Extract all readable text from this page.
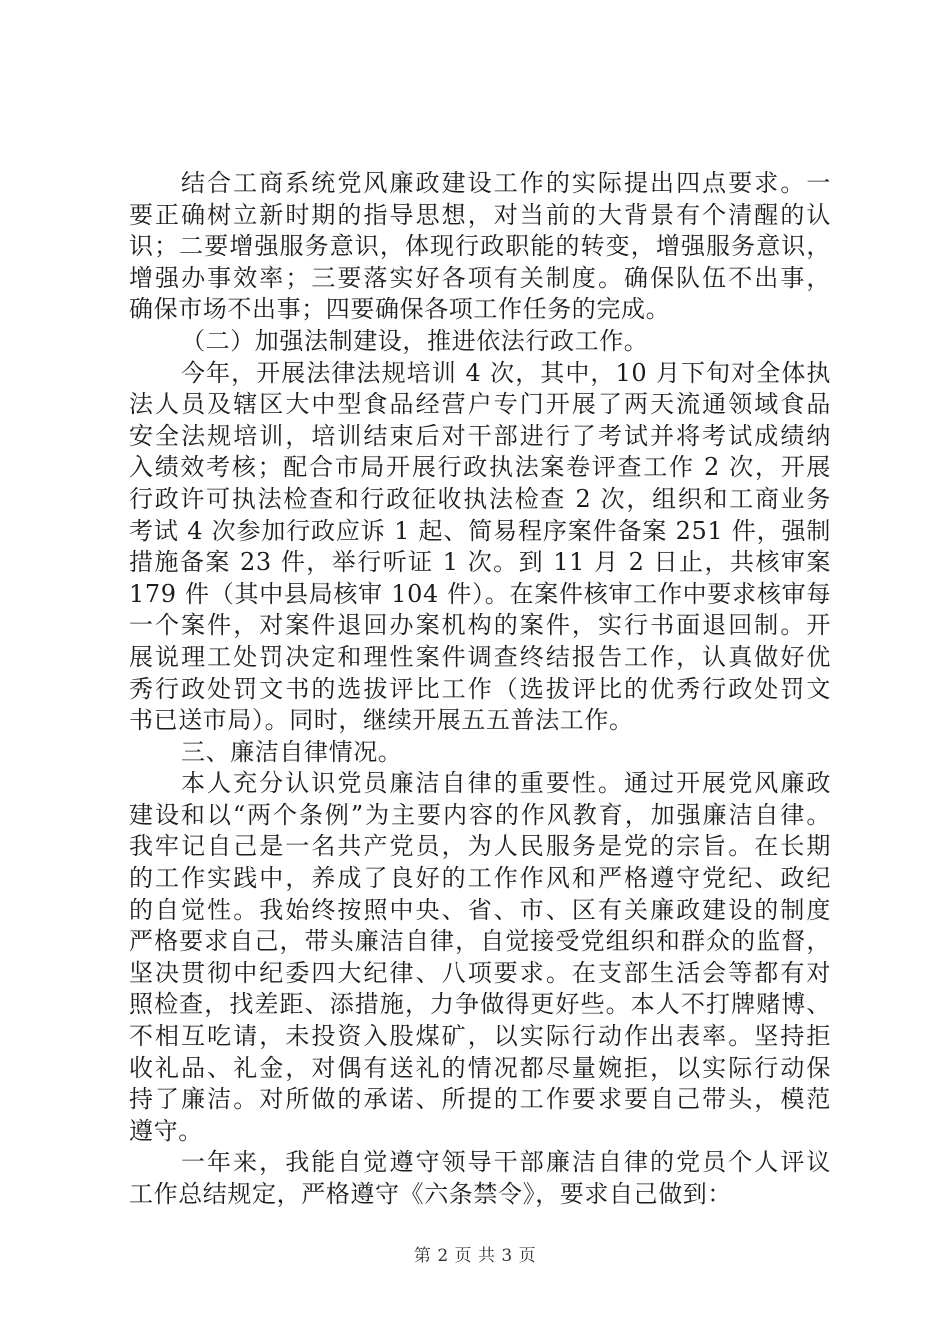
结合工商系统党风廉政建设工作的实际提出四点要求。一
要正确树立新时期的指导思想，对当前的大背景有个清醒的认
识；二要增强服务意识，体现行政职能的转变，增强服务意识，
增强办事效率；三要落实好各项有关制度。确保队伍不出事，
确保市场不出事；四要确保各项工作任务的完成。
（二）加强法制建设，推进依法行政工作。
今年，开展法律法规培训 4 次，其中，10 月下旬对全体执
法人员及辖区大中型食品经营户专门开展了两天流通领域食品
安全法规培训，培训结束后对干部进行了考试并将考试成绩纳
入绩效考核；配合市局开展行政执法案卷评查工作 2 次，开展
行政许可执法检查和行政征收执法检查 2 次，组织和工商业务
考试 4 次参加行政应诉 1 起、简易程序案件备案 251 件，强制
措施备案 23 件，举行听证 1 次。到 11 月 2 日止，共核审案
179 件（其中县局核审 104 件）。在案件核审工作中要求核审每
一个案件，对案件退回办案机构的案件，实行书面退回制。开
展说理工处罚决定和理性案件调查终结报告工作，认真做好优
秀行政处罚文书的选拔评比工作（选拔评比的优秀行政处罚文
书已送市局）。同时，继续开展五五普法工作。
三、廉洁自律情况。
本人充分认识党员廉洁自律的重要性。通过开展党风廉政
建设和以“两个条例”为主要内容的作风教育，加强廉洁自律。
我牢记自己是一名共产党员，为人民服务是党的宗旨。在长期
的工作实践中，养成了良好的工作作风和严格遵守党纪、政纪
的自觉性。我始终按照中央、省、市、区有关廉政建设的制度
严格要求自己，带头廉洁自律，自觉接受党组织和群众的监督，
坚决贯彻中纪委四大纪律、八项要求。在支部生活会等都有对
照检查，找差距、添措施，力争做得更好些。本人不打牌赌博、
不相互吃请，未投资入股煤矿，以实际行动作出表率。坚持拒
收礼品、礼金，对偶有送礼的情况都尽量婉拒，以实际行动保
持了廉洁。对所做的承诺、所提的工作要求要自己带头，模范
遵守。
一年来，我能自觉遵守领导干部廉洁自律的党员个人评议
工作总结规定，严格遵守《六条禁令》，要求自己做到：
第 2 页 共 3 页
